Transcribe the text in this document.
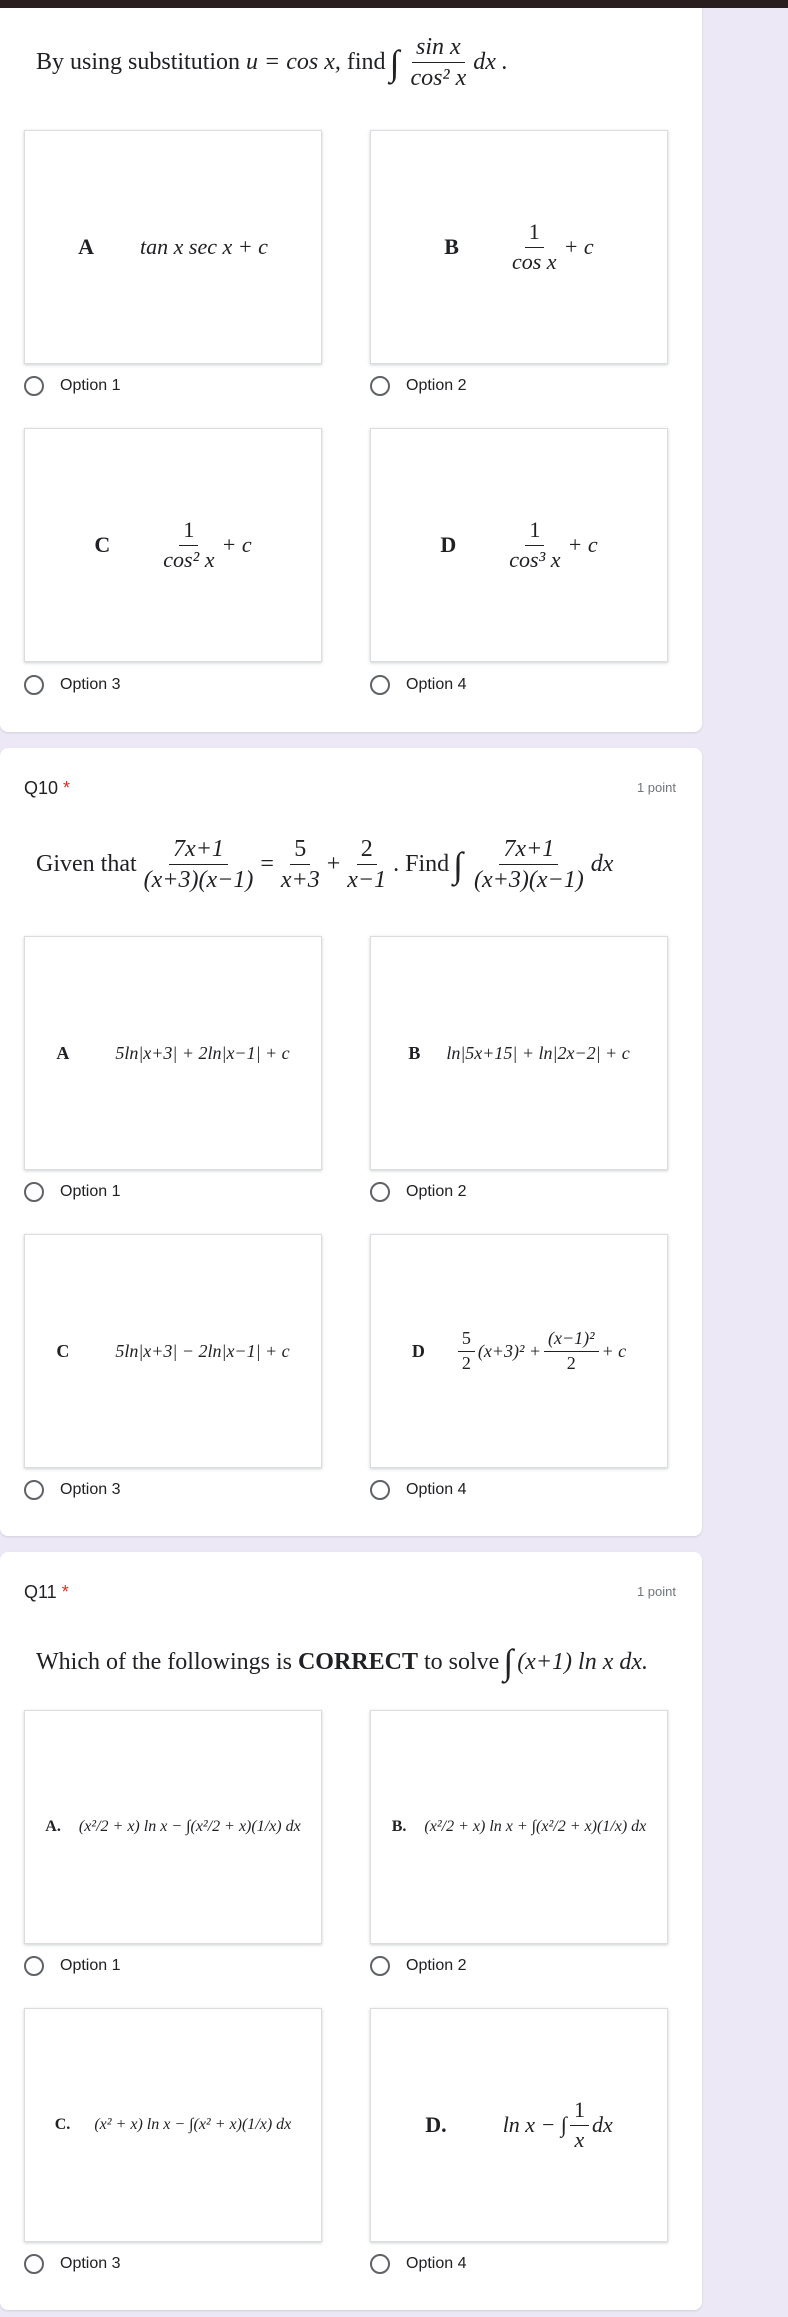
By using substitution
u = cos x,
find ∫ $\frac{\text{sin x}}{\text{cos² x}}$ dx .
A tan x sec x + c	B $\frac{1}{\text{cos x}} + c$
Option 1	Option 2
C $\frac{1}{\text{cos² x}} + c$	D $\frac{1}{\text{cos³ x}} + c$
Option 3	Option 4
Q10 *	1 point
Given that $\frac{7x+1}{(x+3)(x-1)} = \frac{5}{x+3} + \frac{2}{x-1}$ . Find ∫ $\frac{7x+1}{(x+3)(x-1)}$ dx
A	5ln|x+3| + 2ln|x−1| + c	B ln|5x+15| + ln|2x−2| + c
Option 1	Option 2
C	5ln|x+3| − 2ln|x−1| + c	D $\frac{5}{2} (x+3)^2 + \frac{\text{(x−1)²}}{2} + c$
Option 3	Option 4
Q11 *	1 point
Which of the followings is
CORRECT
to solve ∫ (x+1) ln x dx.
A. (x²/2 + x) ln x − ∫(x²/2 + x)(1/x) dx	B. (x²/2 + x) ln x + ∫(x²/2 + x)(1/x) dx
Option 1	Option 2
C. (x² + x) ln x − ∫(x² + x)(1/x) dx	D.	ln x − ∫ $\frac{1}{x}$ dx
Option 3	Option 4
